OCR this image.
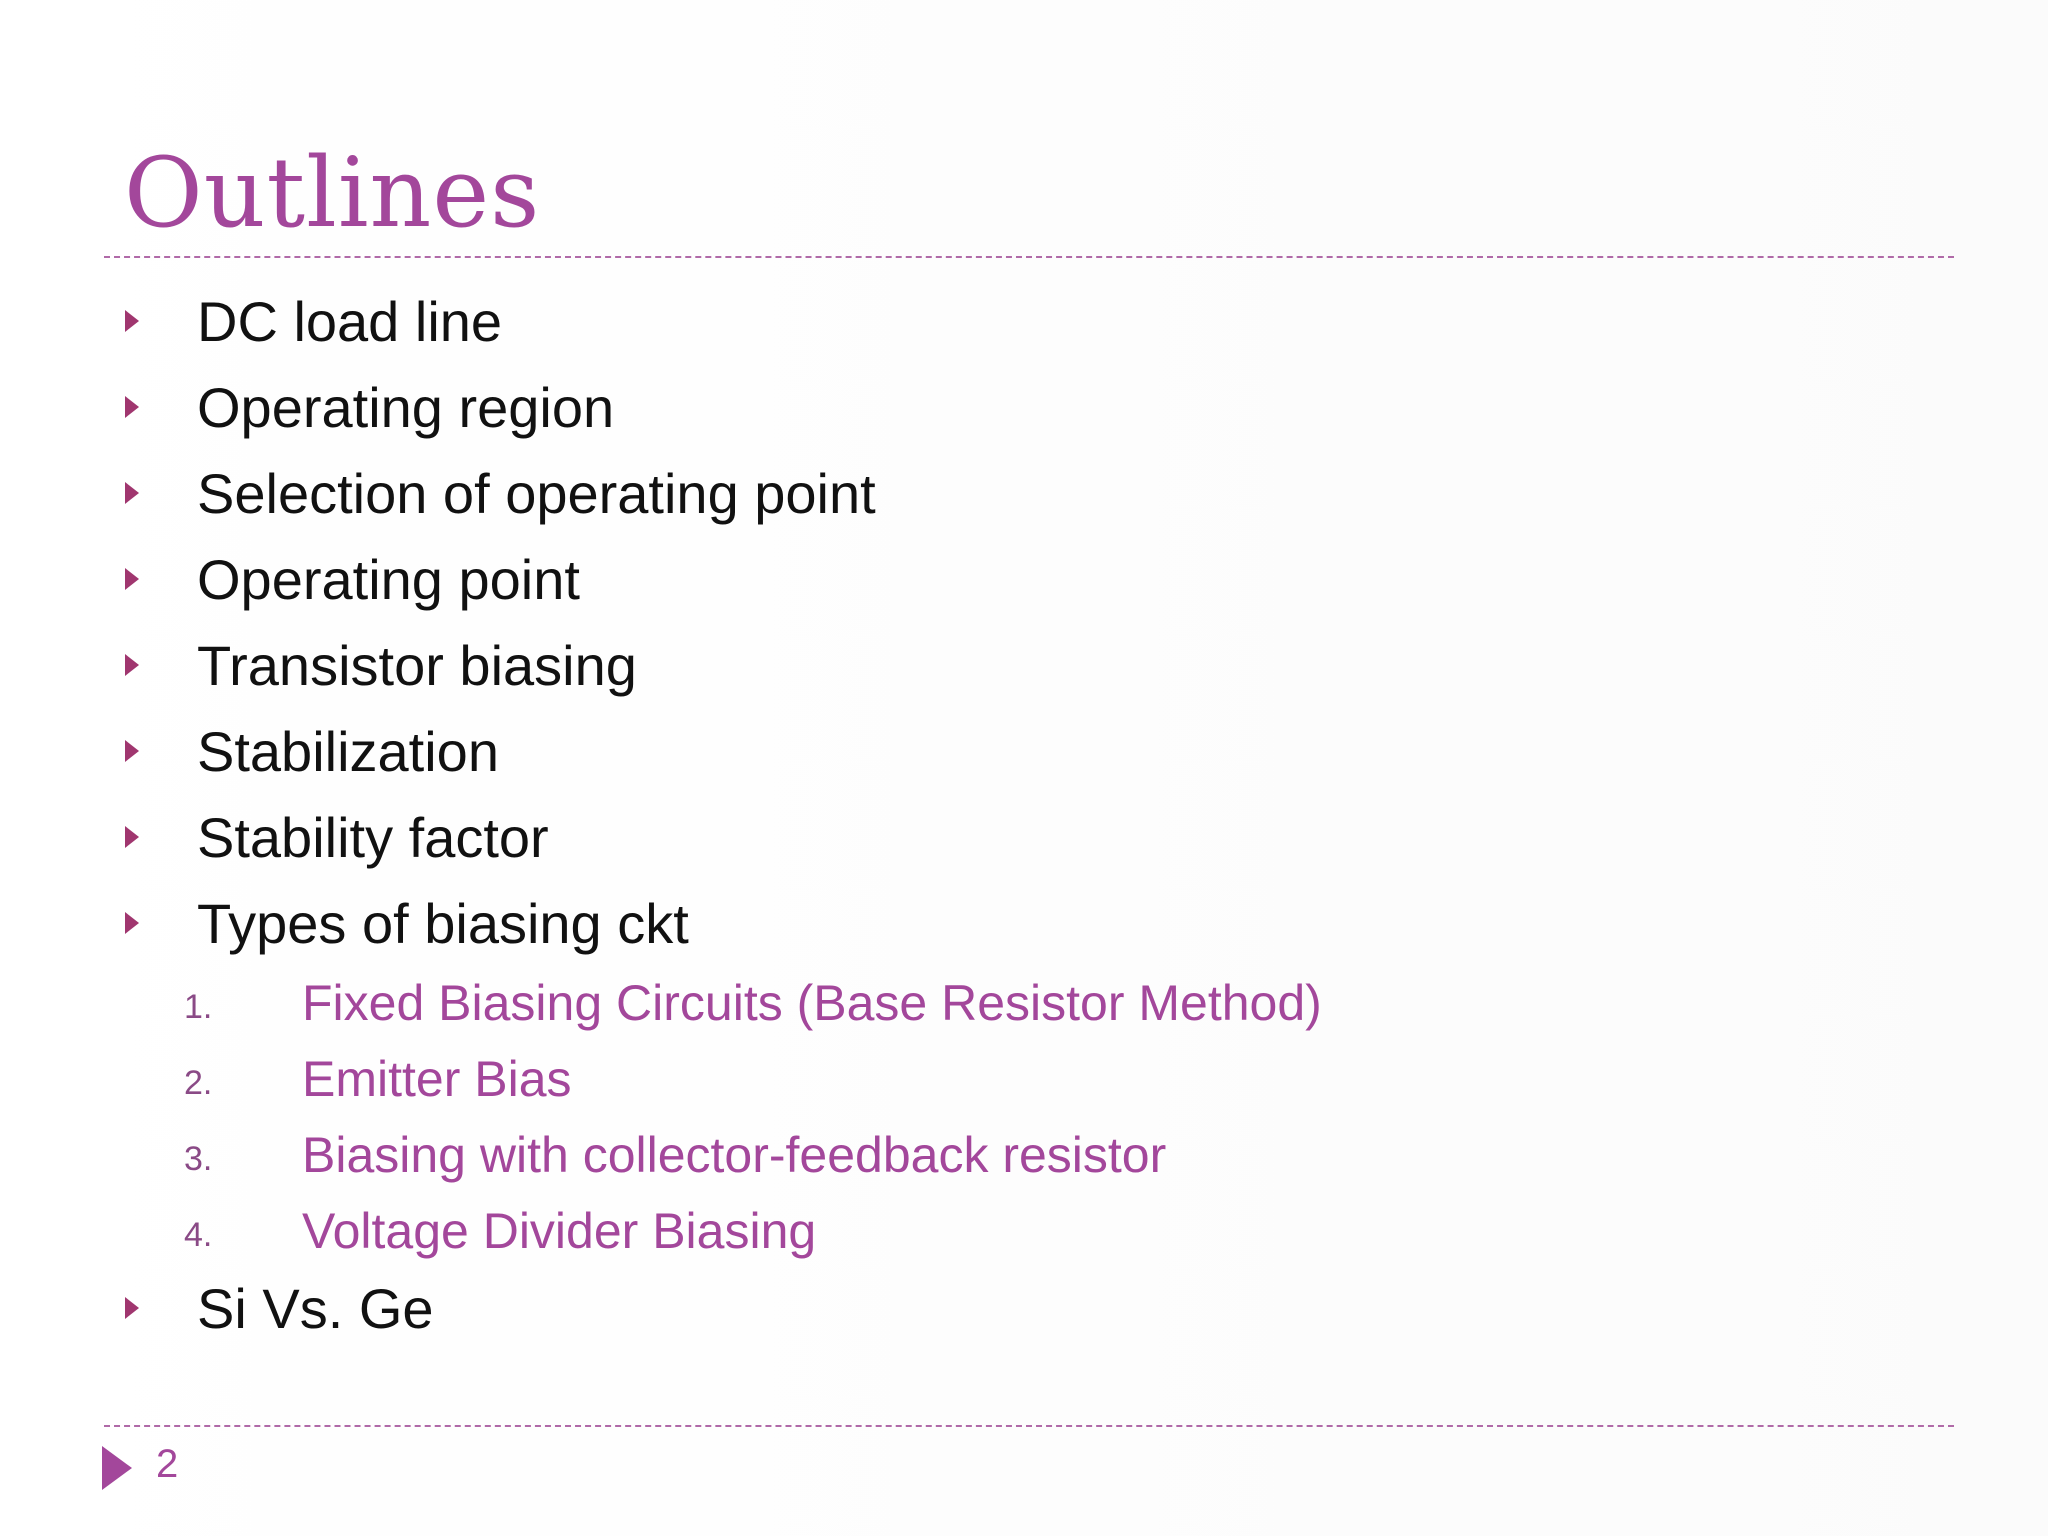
Outlines
DC load line
Operating region
Selection of operating point
Operating point
Transistor biasing
Stabilization
Stability factor
Types of biasing ckt
1.	Fixed Biasing Circuits (Base Resistor Method)
2.	Emitter Bias
3.	Biasing with collector-feedback resistor
4.	Voltage Divider Biasing
Si Vs. Ge
2
